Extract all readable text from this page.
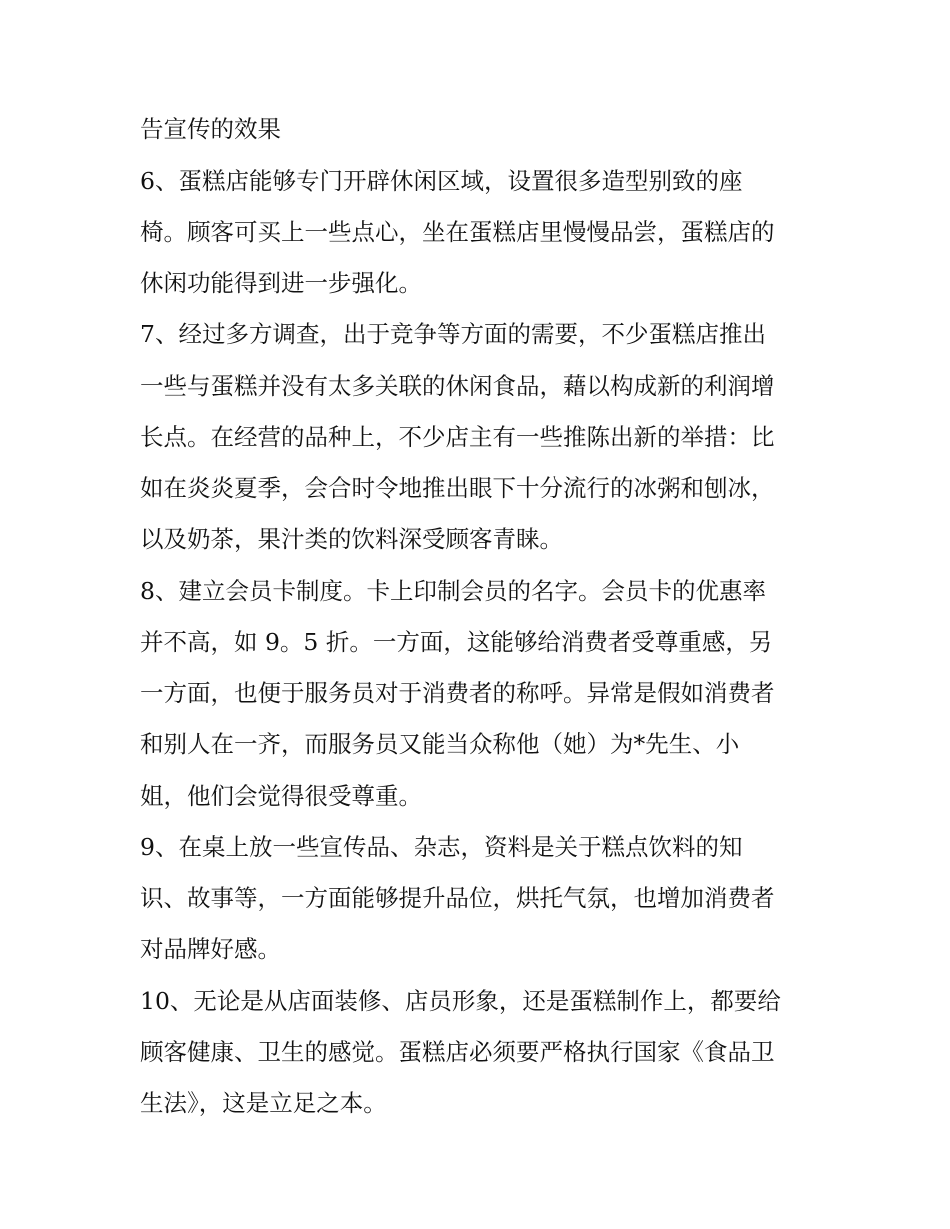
告宣传的效果
6、蛋糕店能够专门开辟休闲区域，设置很多造型别致的座
椅。顾客可买上一些点心，坐在蛋糕店里慢慢品尝，蛋糕店的
休闲功能得到进一步强化。
7、经过多方调查，出于竞争等方面的需要，不少蛋糕店推出
一些与蛋糕并没有太多关联的休闲食品，藉以构成新的利润增
长点。在经营的品种上，不少店主有一些推陈出新的举措：比
如在炎炎夏季，会合时令地推出眼下十分流行的冰粥和刨冰，
以及奶茶，果汁类的饮料深受顾客青睐。
8、建立会员卡制度。卡上印制会员的名字。会员卡的优惠率
并不高，如 9。5 折。一方面，这能够给消费者受尊重感，另
一方面，也便于服务员对于消费者的称呼。异常是假如消费者
和别人在一齐，而服务员又能当众称他（她）为*先生、小
姐，他们会觉得很受尊重。
9、在桌上放一些宣传品、杂志，资料是关于糕点饮料的知
识、故事等，一方面能够提升品位，烘托气氛，也增加消费者
对品牌好感。
10、无论是从店面装修、店员形象，还是蛋糕制作上，都要给
顾客健康、卫生的感觉。蛋糕店必须要严格执行国家《食品卫
生法》，这是立足之本。
